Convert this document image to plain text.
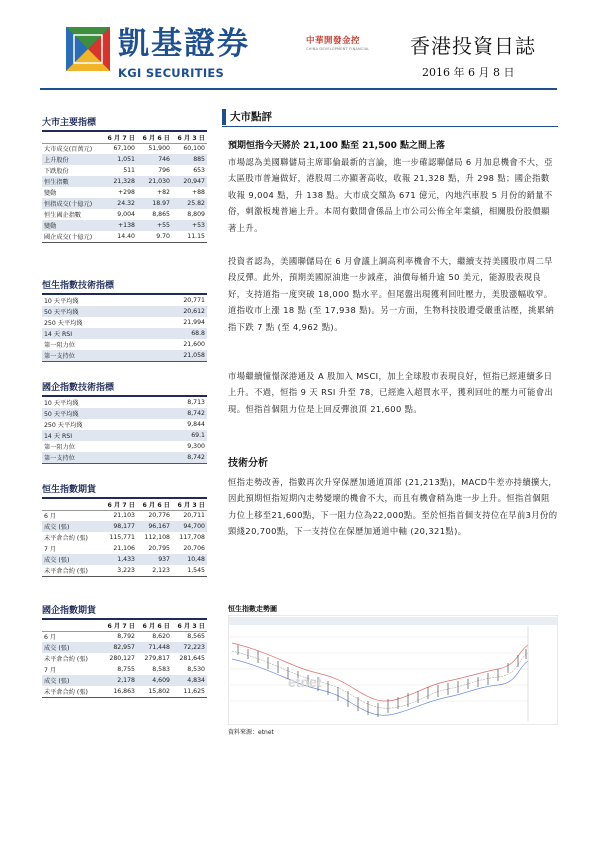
凱基證券
KGI SECURITIES
中華開發金控
CHINA DEVELOPMENT FINANCIAL 香港投資日誌
2016 年 6 月 8 日
大市主要指標
	6 月 7 日	6 月 6 日	6 月 3 日
大市成交(百萬元)	67,100	51,900	60,100
上升股份	1,051	746	885
下跌股份	511	796	653
恒生指數	21,328	21,030	20,947
變動	+298	+82	+88
恒指成交(十億元)	24.32	18.97	25.82
恒生國企指數	9,004	8,865	8,809
變動	+138	+55	+53
國企成交(十億元)	14.40	9.70	11.15
恒生指數技術指標
10 天平均綫	20,771
50 天平均綫	20,612
250 天平均綫	21,994
14 天 RSI	68.8
第一阻力位	21,600
第一支持位	21,058
國企指數技術指標
10 天平均綫	8,713
50 天平均綫	8,742
250 天平均綫	9,844
14 天 RSI	69.1
第一阻力位	9,300
第一支持位	8,742
恒生指數期貨
	6 月 7 日	6 月 6 日	6 月 3 日
6 月	21,103	20,776	20,711
成交 (張)	98,177	96,167	94,700
未平倉合約 (張)	115,771	112,108	117,708
7 月	21,106	20,795	20,706
成交 (張)	1,433	937	10,48
未平倉合約 (張)	3,223	2,123	1,545
國企指數期貨
	6 月 7 日	6 月 6 日	6 月 3 日
6 月	8,792	8,620	8,565
成交 (張)	82,957	71,448	72,223
未平倉合約 (張)	280,127	279,817	281,645
7 月	8,755	8,583	8,530
成交 (張)	2,178	4,609	4,834
未平倉合約 (張)	16,863	15,802	11,625
大市點評
預期恒指今天將於 21,100 點至 21,500 點之間上落
市場認為美國聯儲局主席耶倫最新的言論，進一步確認聯儲局 6 月加息機會不大，亞太區股市普遍做好，港股周二亦顯著高收，收報 21,328 點，升 298 點；國企指數收報 9,004 點，升 138 點。大市成交額為 671 億元，內地汽車股 5 月份的銷量不俗，刺激板塊普遍上升。本周有數間會係品上市公司公佈全年業績，相關股份股價顯著上升。
投資者認為，美國聯儲局在 6 月會議上調高利率機會不大，繼續支持美國股市周二早段反彈。此外，預期美國原油進一步減產，油價每桶升逾 50 美元，能源股表現良好，支持道指一度突破 18,000 點水平。但尾盤出現獲利回吐壓力，美股漲幅收窄。道指收市上漲 18 點 (至 17,938 點)。另一方面，生物科技股遭受嚴重沽壓，挑累納指下跌 7 點 (至 4,962 點)。
市場繼續憧憬深港通及 A 股加入 MSCI，加上全球股市表現良好，恒指已經連續多日上升。不過，恒指 9 天 RSI 升至 78，已經進入超買水平，獲利回吐的壓力可能會出現。恒指首個阻力位是上回反彈浪頂 21,600 點。
技術分析
恒指走勢改善，指數再次升穿保歷加通道頂部 (21,213點)，MACD牛差亦持續擴大，因此預期恒指短期內走勢變壞的機會不大，而且有機會稍為進一步上升。恒指首個阻力位上移至21,600點，下一阻力位為22,000點。至於恒指首個支持位在早前3月份的頸綫20,700點，下一支持位在保歷加通道中軸 (20,321點)。
恒生指數走勢圖
etnet
資料來源：etnet
